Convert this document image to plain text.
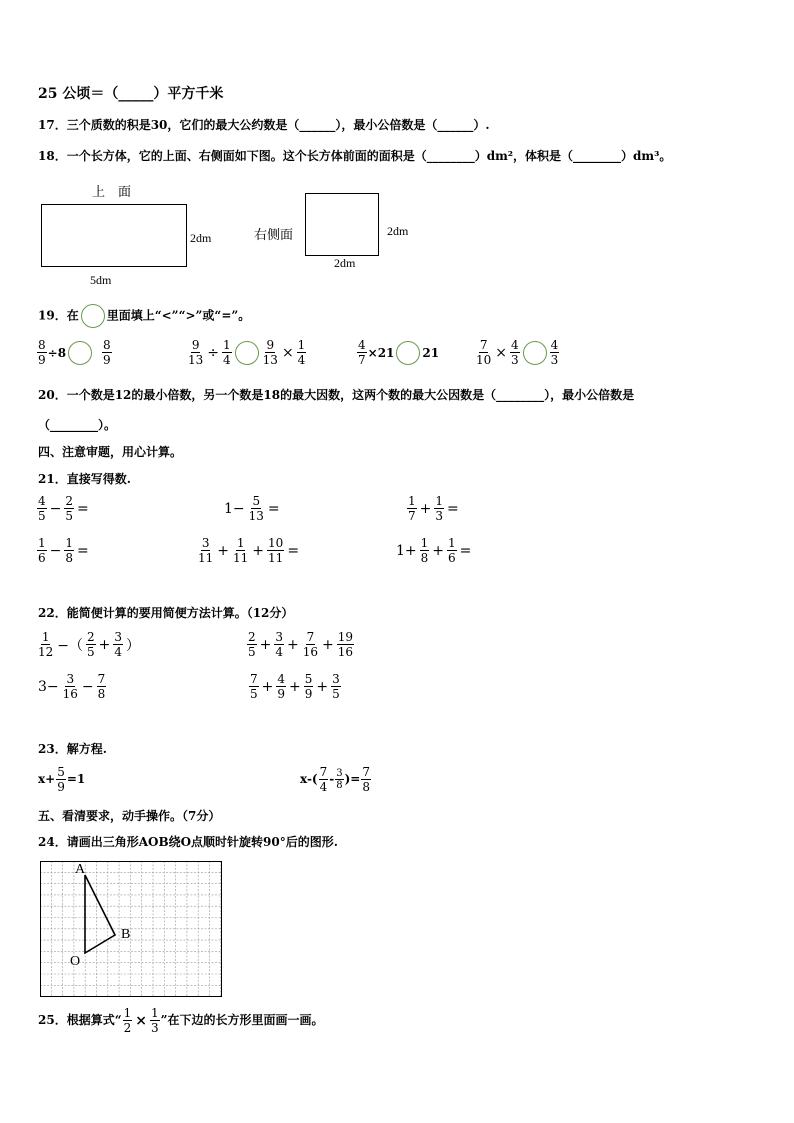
25 公顷＝（_____）平方千米
17．三个质数的积是30，它们的最大公约数是（______），最小公倍数是（______）.
18．一个长方体，它的上面、右侧面如下图。这个长方体前面的面积是（________）dm²，体积是（________）dm³。
上　面
2dm
5dm
右侧面	2dm
2dm
19．在 里面填上“<”“>”或“=”。
$\frac{8}{9} \div 8$	$\frac{8}{9}$	$\frac{9}{13} \div \frac{1}{4}$	$\frac{9}{13} \times \frac{1}{4}$	$\frac{4}{7} \times 21$ 21	$\frac{7}{10} \times \frac{4}{3}$	$\frac{4}{3}$
20．一个数是12的最小倍数，另一个数是18的最大因数，这两个数的最大公因数是（________），最小公倍数是
（________）。
四、注意审题，用心计算。
21．直接写得数.
$\frac{4}{5} - \frac{2}{5}$ =	$1- \frac{5}{13}$ =	$\frac{1}{7} + \frac{1}{3}$ =
$\frac{1}{6} - \frac{1}{8}$ =	$\frac{3}{11} + \frac{1}{11} + \frac{10}{11}$ =	$1+ \frac{1}{8} + \frac{1}{6}$ =
22．能简便计算的要用简便方法计算。（12分）
$\frac{1}{12}$ −（ $\frac{2}{5} + \frac{3}{4}$ ）	$\frac{2}{5} + \frac{3}{4} + \frac{7}{16} + \frac{19}{16}$
$3- \frac{3}{16} - \frac{7}{8}$	$\frac{7}{5} + \frac{4}{9} + \frac{5}{9} + \frac{3}{5}$
23．解方程.
$x+ \frac{5}{9} =1$	$x-( \frac{7}{4} - \frac{3}{8}$ )= $\frac{7}{8}$
五、看清要求，动手操作。（7分）
24．请画出三角形AOB绕O点顺时针旋转90°后的图形.
A
B
O
25．根据算式“ $\frac{1}{2} \times \frac{1}{3}$ ”在下边的长方形里面画一画。
